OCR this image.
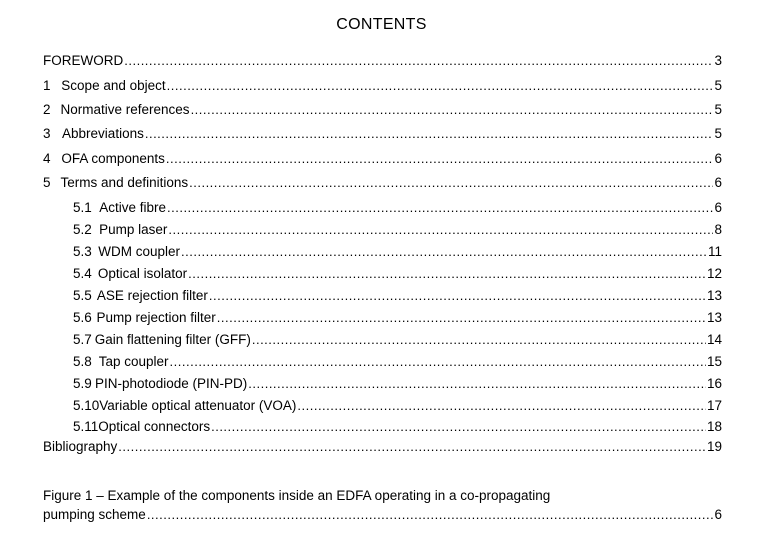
CONTENTS
FOREWORD .....	3
1 Scope and object .....	5
2 Normative references .....	5
3 Abbreviations .....	5
4 OFA components .....	6
5 Terms and definitions .....	6
5.1 Active fibre .....	6
5.2 Pump laser .....	8
5.3 WDM coupler .....	11
5.4 Optical isolator .....	12
5.5 ASE rejection filter .....	13
5.6 Pump rejection filter .....	13
5.7 Gain flattening filter (GFF) .....	14
5.8 Tap coupler .....	15
5.9 PIN-photodiode (PIN-PD) .....	16
5.10 Variable optical attenuator (VOA) .....	17
5.11 Optical connectors .....	18
Bibliography .....	19
Figure 1 – Example of the components inside an EDFA operating in a co-propagating
pumping scheme .....	6
